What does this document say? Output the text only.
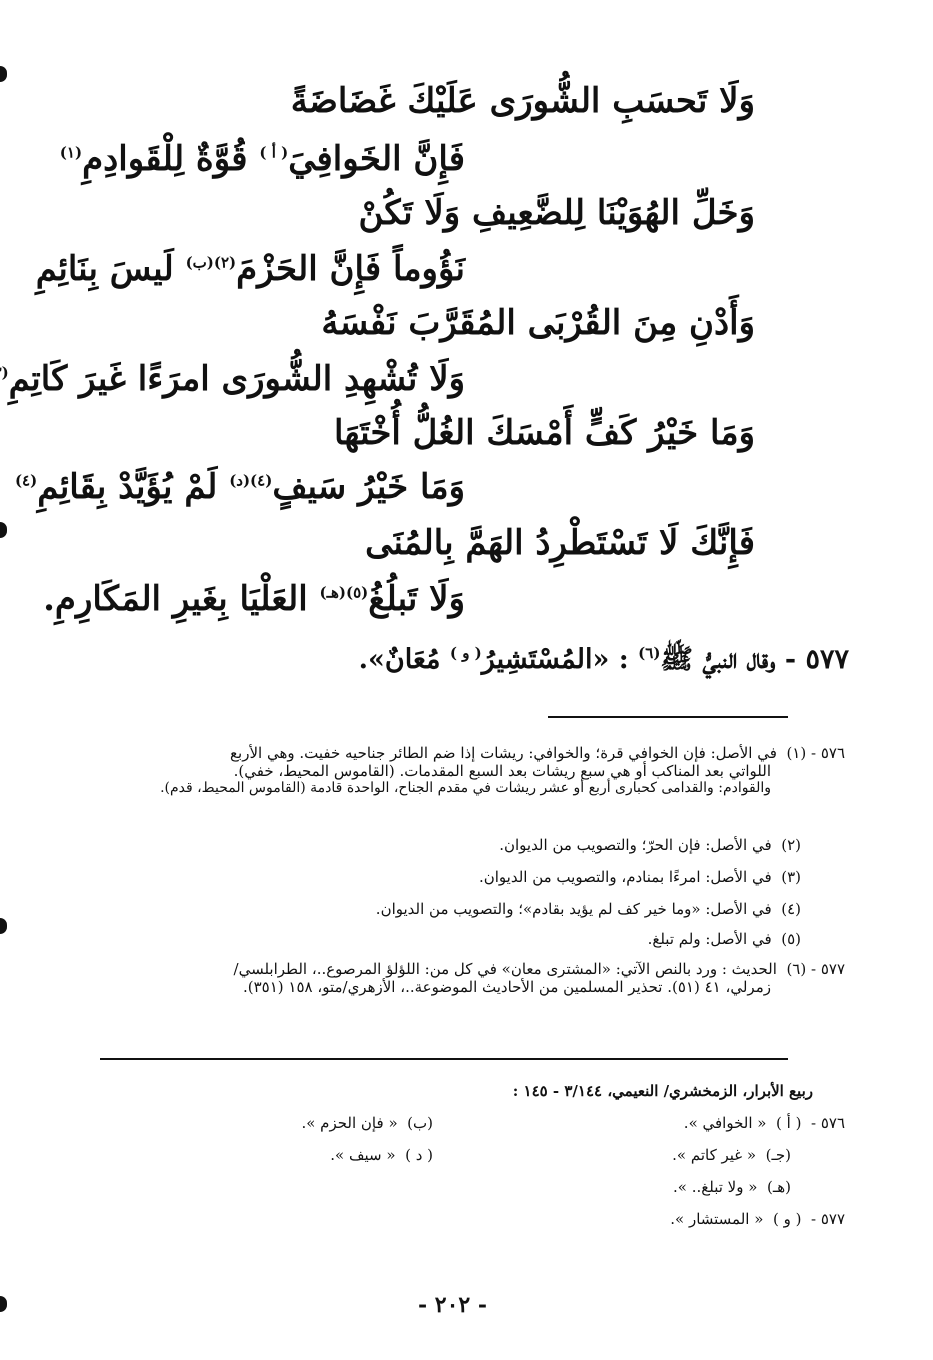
وَلَا تَحسَبِ الشُّورَى عَلَيْكَ غَضَاضَةً
فَإِنَّ الخَوافِيَ$^{( أ )}$ قُوَّةٌ لِلْقَوادِمِ$^{(١)}$
وَخَلِّ الهُوَيْنَا لِلضَّعِيفِ وَلَا تَكُنْ
نَؤُوماً فَإِنَّ الحَزْمَ$^{(٢)(ب)}$ لَيسَ بِنَائِمِ
وَأَدْنِ مِنَ القُرْبَى المُقَرَّبَ نَفْسَهُ
وَلَا تُشْهِدِ الشُّورَى امرَءًا غَيرَ كَاتِمِ(
وَمَا خَيْرُ كَفٍّ أَمْسَكَ الغُلُّ أُخْتَهَا
وَمَا خَيْرُ سَيفٍ$^{(٤)(د)}$ لَمْ يُؤَيَّدْ بِقَائِمِ$^{(٤)}$
فَإِنَّكَ لَا تَسْتَطْرِدُ الهَمَّ بِالمُنَى
وَلَا تَبلُغُ$^{(٥)(هـ)}$ العَلْيَا بِغَيرِ المَكَارِمِ.
٥٧٧ - وقال النبيُّ ﷺ$^{(٦)}$ : «المُسْتَشِيرُ$^{( و )}$ مُعَانٌ».
٥٧٦ - (١)  في الأصل: فإن الخوافي قرة؛ والخوافي: ريشات إذا ضم الطائر جناحيه خفيت. وهي الأربع
اللواتي بعد المناكب أو هي سبع ريشات بعد السبع المقدمات. (القاموس المحيط، خفي).
والقوادم: والقدامى كحبارى أربع أو عشر ريشات في مقدم الجناح، الواحدة قادمة (القاموس المحيط، قدم).
(٢)  في الأصل: فإن الحرّ؛ والتصويب من الديوان.
(٣)  في الأصل: امرءًا بمنادم، والتصويب من الديوان.
(٤)  في الأصل: «وما خير كف لم يؤيد بقادم»؛ والتصويب من الديوان.
(٥)  في الأصل: ولم تبلغ.
٥٧٧ - (٦)  الحديث : ورد بالنص الآتي: «المشترى معان» في كل من: اللؤلؤ المرصوع..، الطرابلسي/
زمرلي، ٤١ (٥١). تحذير المسلمين من الأحاديث الموضوعة..، الأزهري/متو، ١٥٨ (٣٥١).
ربيع الأبرار، الزمخشري/ النعيمي، ٣/١٤٤ - ١٤٥ :
٥٧٦ -  ( أ )  « الخوافي ».
(ب)  « فإن الحزم ».
(جـ)  « غير كاتم ».
( د )  « سيف ».
(هـ)  « ولا تبلغ.. ».
٥٧٧ -  ( و )  « المستشار ».
- ٢٠٢ -
